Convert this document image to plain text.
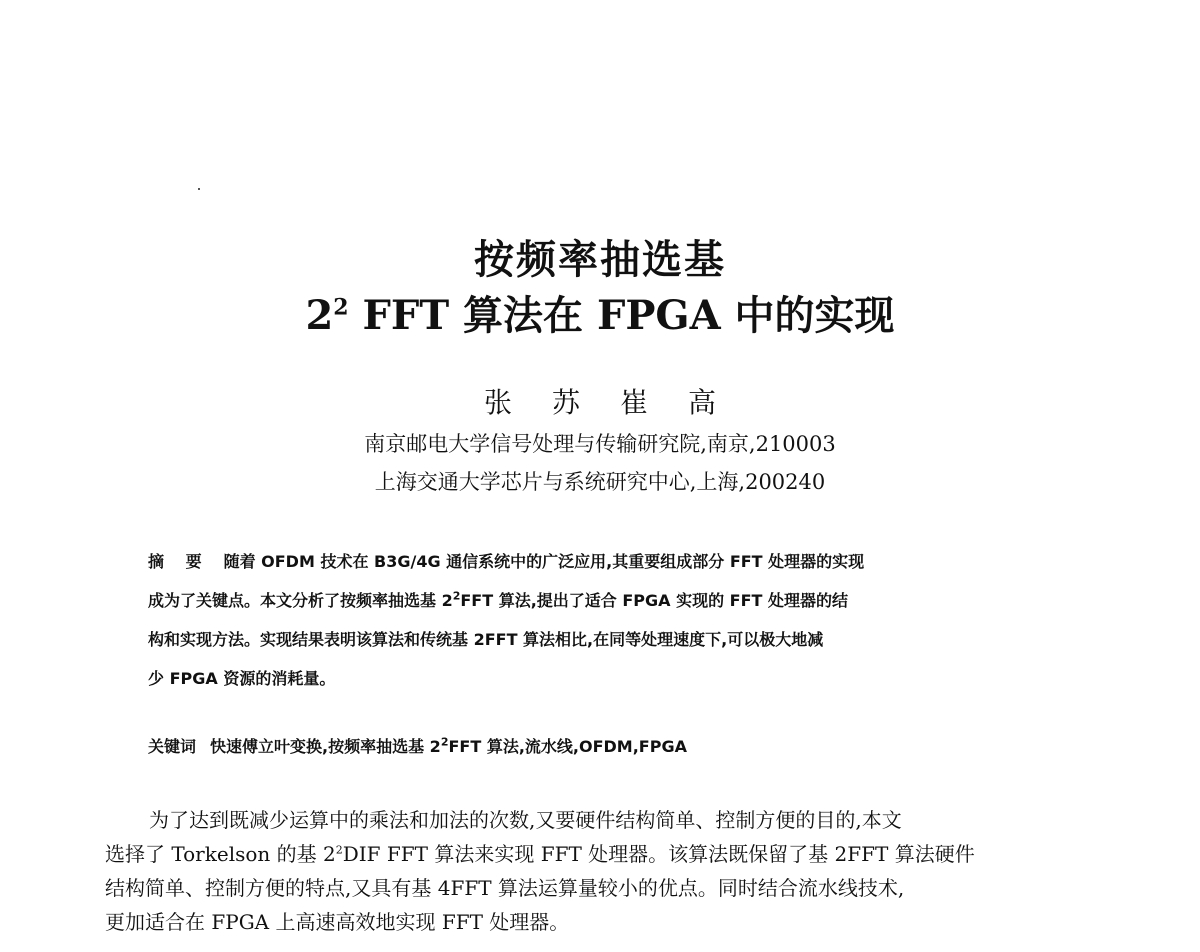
按频率抽选基
$2^2$ FFT 算法在 FPGA 中的实现
张 苏 崔 高
南京邮电大学信号处理与传输研究院,南京,210003
上海交通大学芯片与系统研究中心,上海,200240
摘 要 随着 OFDM 技术在 B3G/4G 通信系统中的广泛应用,其重要组成部分 FFT 处理器的实现
成为了关键点。本文分析了按频率抽选基 $2^2FFT$ 算法,提出了适合 FPGA 实现的 FFT 处理器的结
构和实现方法。实现结果表明该算法和传统基 2FFT 算法相比,在同等处理速度下,可以极大地减
少 FPGA 资源的消耗量。
关键词 快速傅立叶变换,按频率抽选基 $2^2FFT$ 算法,流水线,OFDM,FPGA
为了达到既减少运算中的乘法和加法的次数,又要硬件结构简单、控制方便的目的,本文
选择了 Torkelson 的基 $2^2DIF$ FFT 算法来实现 FFT 处理器。该算法既保留了基 2FFT 算法硬件
结构简单、控制方便的特点,又具有基 4FFT 算法运算量较小的优点。同时结合流水线技术,
更加适合在 FPGA 上高速高效地实现 FFT 处理器。
